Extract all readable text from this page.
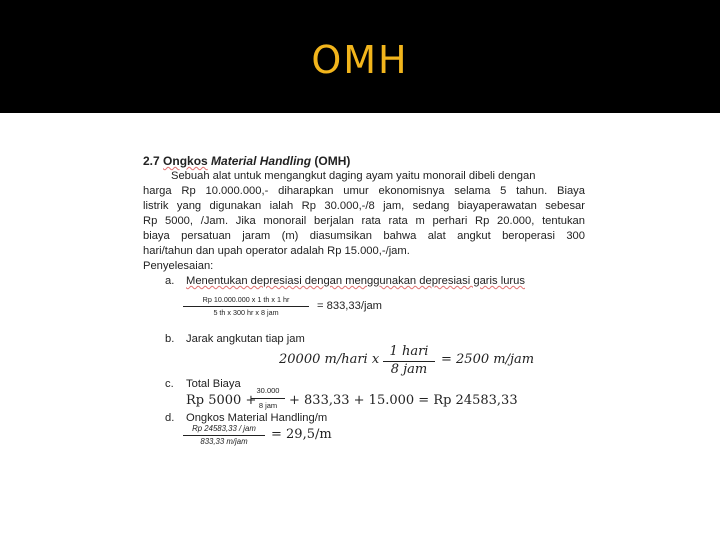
OMH
2.7 Ongkos Material Handling (OMH)
Sebuah alat untuk mengangkut daging ayam yaitu monorail dibeli dengan
harga Rp 10.000.000,- diharapkan umur ekonomisnya selama 5 tahun. Biaya
listrik yang digunakan ialah Rp 30.000,-/8 jam, sedang biayaperawatan sebesar
Rp 5000, /Jam. Jika monorail berjalan rata rata m perhari Rp 20.000, tentukan
biaya persatuan jaram (m) diasumsikan bahwa alat angkut beroperasi 300
hari/tahun dan upah operator adalah Rp 15.000,-/jam.
Penyelesaian:
a. Menentukan depresiasi dengan menggunakan depresiasi garis lurus
Rp 10.000.000 x 1 th x 1 hr
5 th x 300 hr x 8 jam
= 833,33/jam
b. Jarak angkutan tiap jam
20000 m/hari x
1 hari
8 jam
= 2500 m/jam
c. Total Biaya
Rp 5000 +
30.000
8 jam + 833,33 + 15.000 = Rp 24583,33
d. Ongkos Material Handling/m
Rp 24583,33 / jam
833,33 m/jam	= 29,5/m
